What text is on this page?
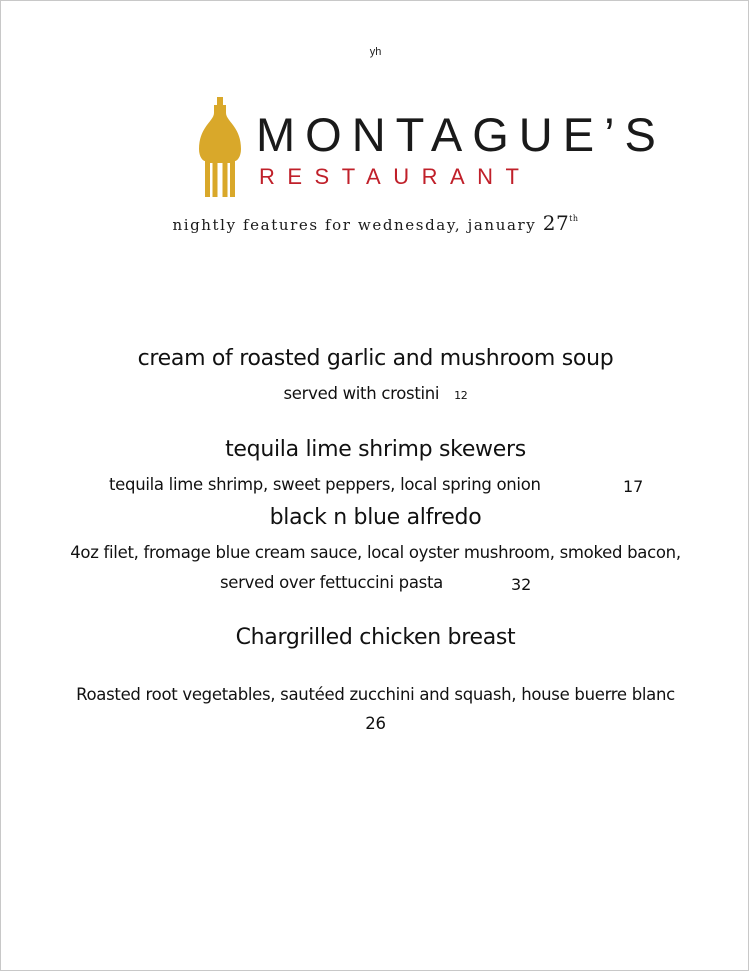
yh
MONTAGUE’S
RESTAURANT
nightly features for wednesday, january 27th
cream of roasted garlic and mushroom soup
served with crostini 12
tequila lime shrimp skewers
tequila lime shrimp, sweet peppers, local spring onion	17
black n blue alfredo
4oz filet, fromage blue cream sauce, local oyster mushroom, smoked bacon,
served over fettuccini pasta	32
Chargrilled chicken breast
Roasted root vegetables, sautéed zucchini and squash, house buerre blanc
26
